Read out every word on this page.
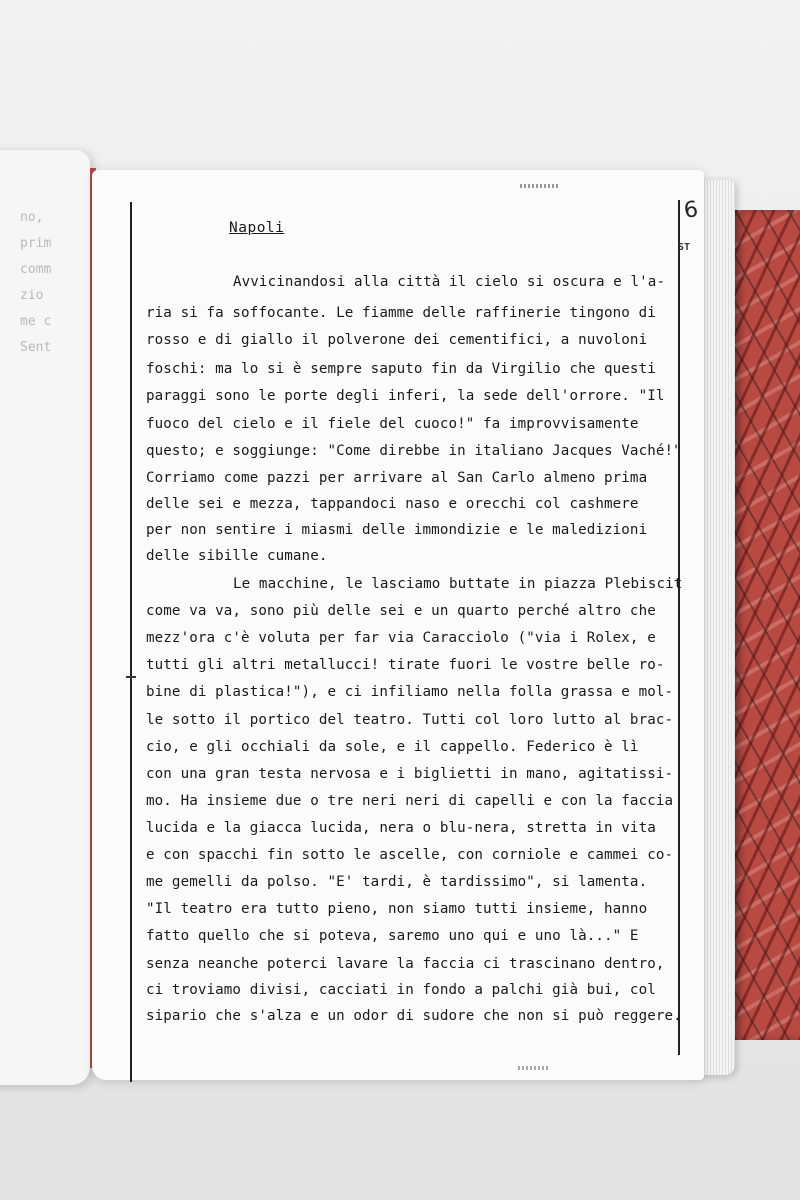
no,
prim
comm
zio
me c
Sent
6
ST
Napoli
Avvicinandosi alla città il cielo si oscura e l'a-
ria si fa soffocante. Le fiamme delle raffinerie tingono di
rosso e di giallo il polverone dei cementifici, a nuvoloni
foschi: ma lo si è sempre saputo fin da Virgilio che questi
paraggi sono le porte degli inferi, la sede dell'orrore. "Il
fuoco del cielo e il fiele del cuoco!" fa improvvisamente
questo; e soggiunge: "Come direbbe in italiano Jacques Vaché!"
Corriamo come pazzi per arrivare al San Carlo almeno prima
delle sei e mezza, tappandoci naso e orecchi col cashmere
per non sentire i miasmi delle immondizie e le maledizioni
delle sibille cumane.
Le macchine, le lasciamo buttate in piazza Plebiscit
come va va, sono più delle sei e un quarto perché altro che
mezz'ora c'è voluta per far via Caracciolo ("via i Rolex, e
tutti gli altri metallucci! tirate fuori le vostre belle ro-
bine di plastica!"), e ci infiliamo nella folla grassa e mol-
le sotto il portico del teatro. Tutti col loro lutto al brac-
cio, e gli occhiali da sole, e il cappello. Federico è lì
con una gran testa nervosa e i biglietti in mano, agitatissi-
mo. Ha insieme due o tre neri neri di capelli e con la faccia
lucida e la giacca lucida, nera o blu-nera, stretta in vita
e con spacchi fin sotto le ascelle, con corniole e cammei co-
me gemelli da polso. "E' tardi, è tardissimo", si lamenta.
"Il teatro era tutto pieno, non siamo tutti insieme, hanno
fatto quello che si poteva, saremo uno qui e uno là..." E
senza neanche poterci lavare la faccia ci trascinano dentro,
ci troviamo divisi, cacciati in fondo a palchi già bui, col
sipario che s'alza e un odor di sudore che non si può reggere.
